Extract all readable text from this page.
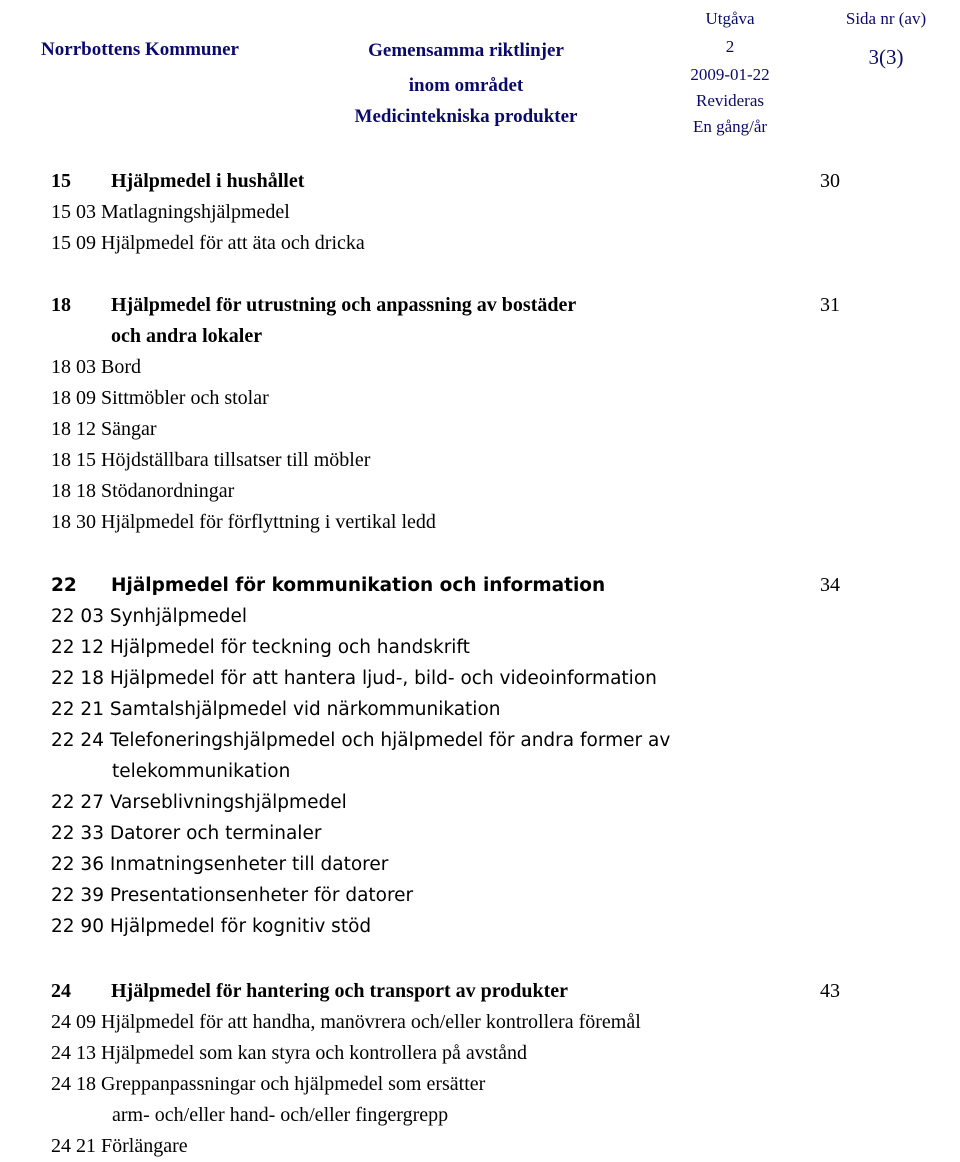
Norrbottens Kommuner	Gemensamma riktlinjer
inom området
Medicintekniska produkter
Utgåva
2
2009-01-22
Revideras
En gång/år
Sida nr (av)
3(3)
15 Hjälpmedel i hushållet	30
15 03 Matlagningshjälpmedel
15 09 Hjälpmedel för att äta och dricka
18 Hjälpmedel för utrustning och anpassning av bostäder	31
och andra lokaler
18 03 Bord
18 09 Sittmöbler och stolar
18 12 Sängar
18 15 Höjdställbara tillsatser till möbler
18 18 Stödanordningar
18 30 Hjälpmedel för förflyttning i vertikal ledd
22 Hjälpmedel för kommunikation och information	34
22 03 Synhjälpmedel
22 12 Hjälpmedel för teckning och handskrift
22 18 Hjälpmedel för att hantera ljud-, bild- och videoinformation
22 21 Samtalshjälpmedel vid närkommunikation
22 24 Telefoneringshjälpmedel och hjälpmedel för andra former av
telekommunikation
22 27 Varseblivningshjälpmedel
22 33 Datorer och terminaler
22 36 Inmatningsenheter till datorer
22 39 Presentationsenheter för datorer
22 90 Hjälpmedel för kognitiv stöd
24 Hjälpmedel för hantering och transport av produkter	43
24 09 Hjälpmedel för att handha, manövrera och/eller kontrollera föremål
24 13 Hjälpmedel som kan styra och kontrollera på avstånd
24 18 Greppanpassningar och hjälpmedel som ersätter
arm- och/eller hand- och/eller fingergrepp
24 21 Förlängare
